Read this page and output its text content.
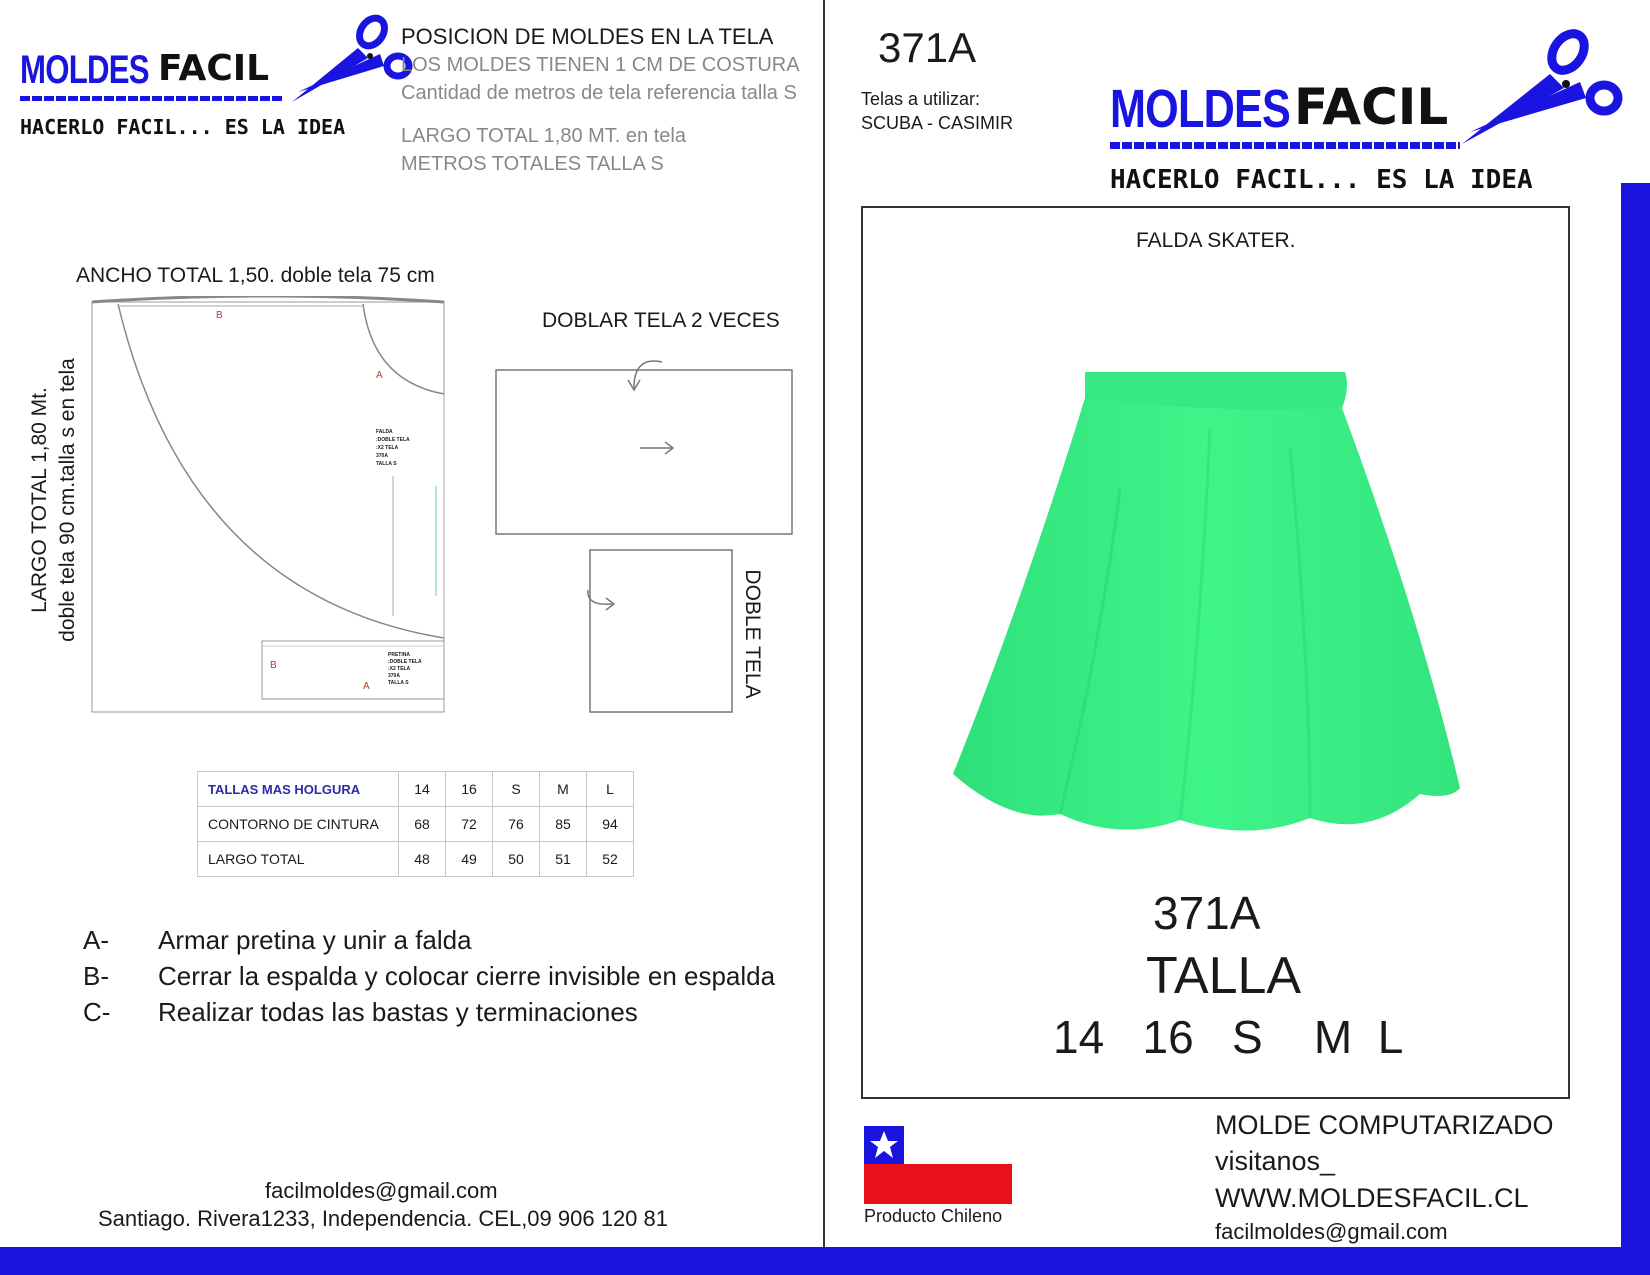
MOLDES FACIL
HACERLO FACIL... ES LA IDEA
POSICION DE MOLDES EN LA TELA
LOS MOLDES TIENEN 1 CM DE COSTURA
Cantidad de metros de tela referencia talla S
LARGO TOTAL 1,80 MT. en tela
METROS TOTALES TALLA S
ANCHO TOTAL 1,50. doble tela 75 cm
B
A
B
A
FALDA
:DOBLE TELA
:X2 TELA
370A
TALLA S
PRETINA
:DOBLE TELA
:X2 TELA
370A
TALLA S
LARGO TOTAL 1,80 Mt. doble tela 90 cm.talla s en tela
DOBLAR TELA 2 VECES
DOBLE TELA
TALLAS MAS HOLGURA	14	16	S	M	L
CONTORNO DE CINTURA	68	72	76	85	94
LARGO TOTAL	48	49	50	51	52
A- Armar pretina y unir a falda
B- Cerrar la espalda y colocar cierre invisible en espalda
C- Realizar todas las bastas y terminaciones
facilmoldes@gmail.com
Santiago. Rivera1233, Independencia. CEL,09 906 120 81
371A
Telas a utilizar:
SCUBA - CASIMIR MOLDES FACIL
HACERLO FACIL... ES LA IDEA
FALDA SKATER.
371A
TALLA
14   16   S    M  L
Producto Chileno
MOLDE COMPUTARIZADO
visitanos_
WWW.MOLDESFACIL.CL
facilmoldes@gmail.com
